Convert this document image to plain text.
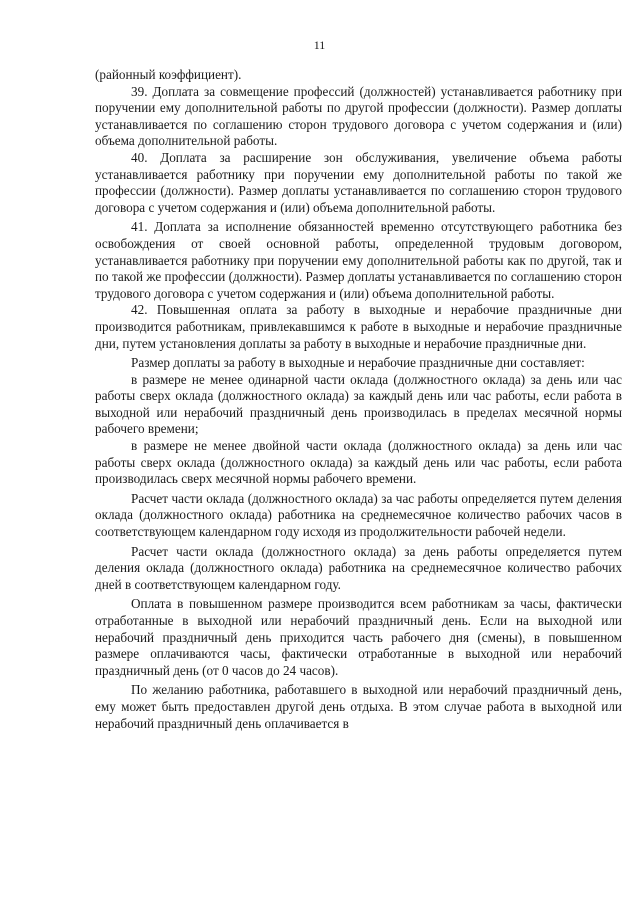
11

(районный коэффициент).

39. Доплата за совмещение профессий (должностей) устанавливается работнику при поручении ему дополнительной работы по другой профессии (должности). Размер доплаты устанавливается по соглашению сторон трудового договора с учетом содержания и (или) объема дополнительной работы.

40. Доплата за расширение зон обслуживания, увеличение объема работы устанавливается работнику при поручении ему дополнительной работы по такой же профессии (должности). Размер доплаты устанавливается по соглашению сторон трудового договора с учетом содержания и (или) объема дополнительной работы.

41. Доплата за исполнение обязанностей временно отсутствующего работника без освобождения от своей основной работы, определенной трудовым договором, устанавливается работнику при поручении ему дополнительной работы как по другой, так и по такой же профессии (должности). Размер доплаты устанавливается по соглашению сторон трудового договора с учетом содержания и (или) объема дополнительной работы.

42. Повышенная оплата за работу в выходные и нерабочие праздничные дни производится работникам, привлекавшимся к работе в выходные и нерабочие праздничные дни, путем установления доплаты за работу в выходные и нерабочие праздничные дни.

Размер доплаты за работу в выходные и нерабочие праздничные дни составляет:

в размере не менее одинарной части оклада (должностного оклада) за день или час работы сверх оклада (должностного оклада) за каждый день или час работы, если работа в выходной или нерабочий праздничный день производилась в пределах месячной нормы рабочего времени;

в размере не менее двойной части оклада (должностного оклада) за день или час работы сверх оклада (должностного оклада) за каждый день или час работы, если работа производилась сверх месячной нормы рабочего времени.

Расчет части оклада (должностного оклада) за час работы определяется путем деления оклада (должностного оклада) работника на среднемесячное количество рабочих часов в соответствующем календарном году исходя из продолжительности рабочей недели.

Расчет части оклада (должностного оклада) за день работы определяется путем деления оклада (должностного оклада) работника на среднемесячное количество рабочих дней в соответствующем календарном году.

Оплата в повышенном размере производится всем работникам за часы, фактически отработанные в выходной или нерабочий праздничный день. Если на выходной или нерабочий праздничный день приходится часть рабочего дня (смены), в повышенном размере оплачиваются часы, фактически отработанные в выходной или нерабочий праздничный день (от 0 часов до 24 часов).

По желанию работника, работавшего в выходной или нерабочий праздничный день, ему может быть предоставлен другой день отдыха. В этом случае работа в выходной или нерабочий праздничный день оплачивается в
